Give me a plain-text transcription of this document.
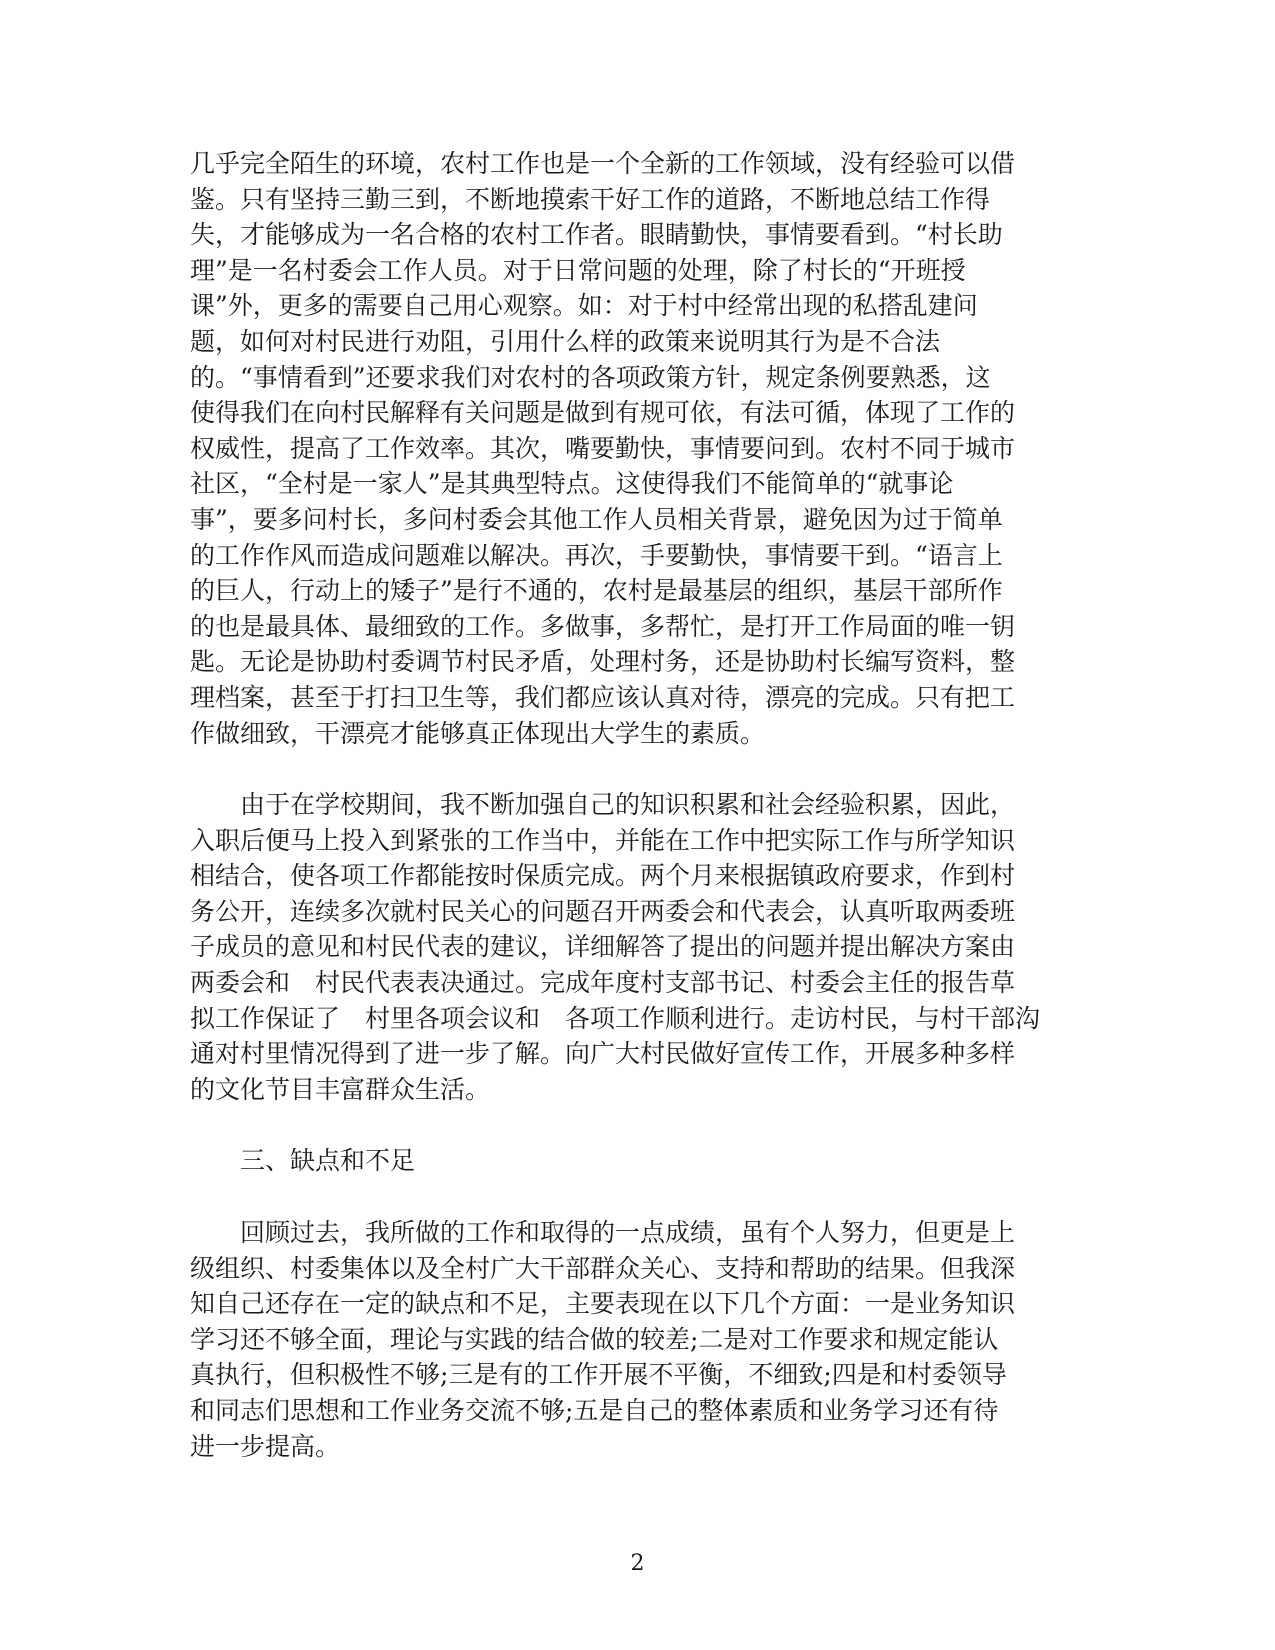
几乎完全陌生的环境，农村工作也是一个全新的工作领域，没有经验可以借
鉴。只有坚持三勤三到，不断地摸索干好工作的道路，不断地总结工作得
失，才能够成为一名合格的农村工作者。眼睛勤快，事情要看到。“村长助
理”是一名村委会工作人员。对于日常问题的处理，除了村长的“开班授
课”外，更多的需要自己用心观察。如：对于村中经常出现的私搭乱建问
题，如何对村民进行劝阻，引用什么样的政策来说明其行为是不合法
的。“事情看到”还要求我们对农村的各项政策方针，规定条例要熟悉，这
使得我们在向村民解释有关问题是做到有规可依，有法可循，体现了工作的
权威性，提高了工作效率。其次，嘴要勤快，事情要问到。农村不同于城市
社区，“全村是一家人”是其典型特点。这使得我们不能简单的“就事论
事”，要多问村长，多问村委会其他工作人员相关背景，避免因为过于简单
的工作作风而造成问题难以解决。再次，手要勤快，事情要干到。“语言上
的巨人，行动上的矮子”是行不通的，农村是最基层的组织，基层干部所作
的也是最具体、最细致的工作。多做事，多帮忙，是打开工作局面的唯一钥
匙。无论是协助村委调节村民矛盾，处理村务，还是协助村长编写资料，整
理档案，甚至于打扫卫生等，我们都应该认真对待，漂亮的完成。只有把工
作做细致，干漂亮才能够真正体现出大学生的素质。
　　由于在学校期间，我不断加强自己的知识积累和社会经验积累，因此，
入职后便马上投入到紧张的工作当中，并能在工作中把实际工作与所学知识
相结合，使各项工作都能按时保质完成。两个月来根据镇政府要求，作到村
务公开，连续多次就村民关心的问题召开两委会和代表会，认真听取两委班
子成员的意见和村民代表的建议，详细解答了提出的问题并提出解决方案由
两委会和　村民代表表决通过。完成年度村支部书记、村委会主任的报告草
拟工作保证了　村里各项会议和　各项工作顺利进行。走访村民，与村干部沟
通对村里情况得到了进一步了解。向广大村民做好宣传工作，开展多种多样
的文化节目丰富群众生活。
　　三、缺点和不足
　　回顾过去，我所做的工作和取得的一点成绩，虽有个人努力，但更是上
级组织、村委集体以及全村广大干部群众关心、支持和帮助的结果。但我深
知自己还存在一定的缺点和不足，主要表现在以下几个方面：一是业务知识
学习还不够全面，理论与实践的结合做的较差;二是对工作要求和规定能认
真执行，但积极性不够;三是有的工作开展不平衡，不细致;四是和村委领导
和同志们思想和工作业务交流不够;五是自己的整体素质和业务学习还有待
进一步提高。
2
